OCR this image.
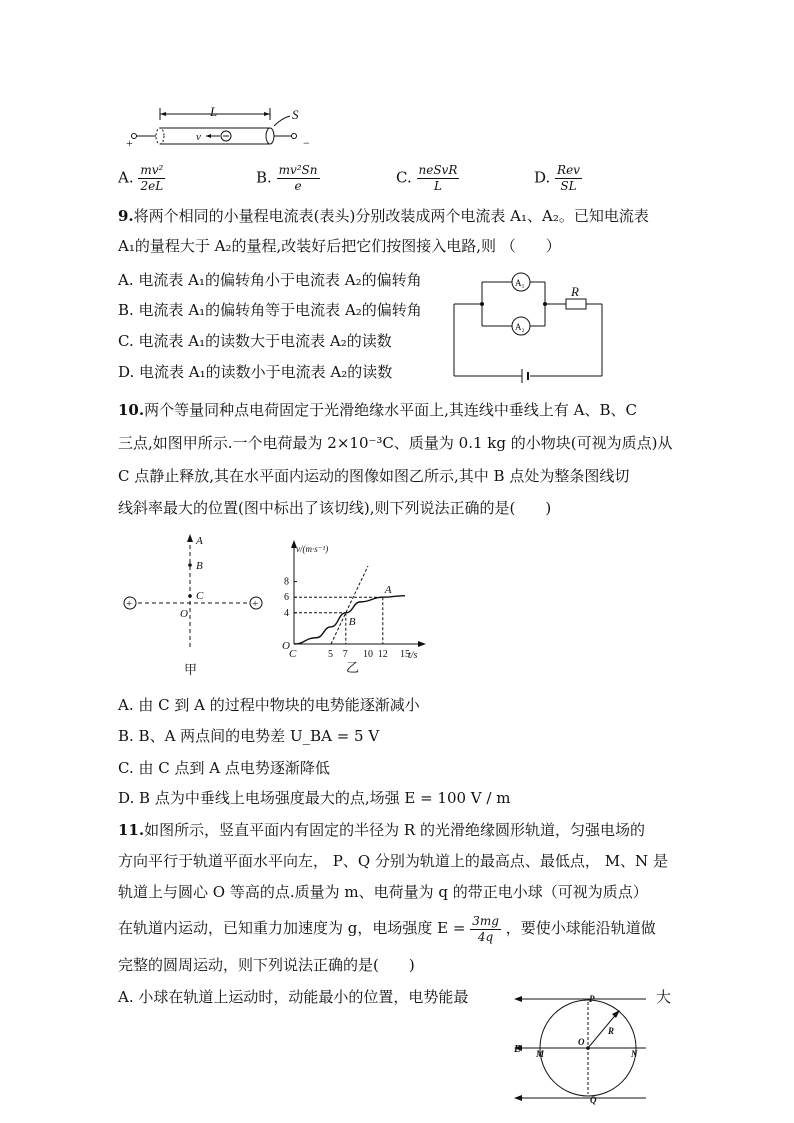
L	S
+	−
v
A. $\frac{\text{mv²}}{2eL}$	B. $\frac{\text{mv²Sn}}{e}$	C. $\frac{\text{neSvR}}{L}$	D. $\frac{\text{Rev}}{SL}$
9.将两个相同的小量程电流表(表头)分别改装成两个电流表 A₁、A₂。已知电流表
A₁的量程大于 A₂的量程,改装好后把它们按图接入电路,则 （　　）
A. 电流表 A₁的偏转角小于电流表 A₂的偏转角
B. 电流表 A₁的偏转角等于电流表 A₂的偏转角
C. 电流表 A₁的读数大于电流表 A₂的读数
D. 电流表 A₁的读数小于电流表 A₂的读数
A₁
A₂
R
10.两个等量同种点电荷固定于光滑绝缘水平面上,其连线中垂线上有 A、B、C
三点,如图甲所示.一个电荷最为 2×10⁻³C、质量为 0.1 kg 的小物块(可视为质点)从
C 点静止释放,其在水平面内运动的图像如图乙所示,其中 B 点处为整条图线切
线斜率最大的位置(图中标出了该切线),则下列说法正确的是(　　)
+	+
A
B
C
O
甲
v/(m·s⁻¹)
t/s
O
C
乙
5 7 10 12 15
4
6
8
A
B
A. 由 C 到 A 的过程中物块的电势能逐渐减小
B. B、A 两点间的电势差 U_BA = 5 V
C. 由 C 点到 A 点电势逐渐降低
D. B 点为中垂线上电场强度最大的点,场强 E = 100 V / m
11.如图所示，竖直平面内有固定的半径为 R 的光滑绝缘圆形轨道，匀强电场的
方向平行于轨道平面水平向左， P、Q 分别为轨道上的最高点、最低点， M、N 是
轨道上与圆心 O 等高的点.质量为 m、电荷量为 q 的带正电小球（可视为质点）
在轨道内运动，已知重力加速度为 g，电场强度 $E = \frac{3mg}{4q}$ ，要使小球能沿轨道做
完整的圆周运动，则下列说法正确的是(　　)
A. 小球在轨道上运动时，动能最小的位置，电势能最	大
E
P
Q
M	N
O
R
